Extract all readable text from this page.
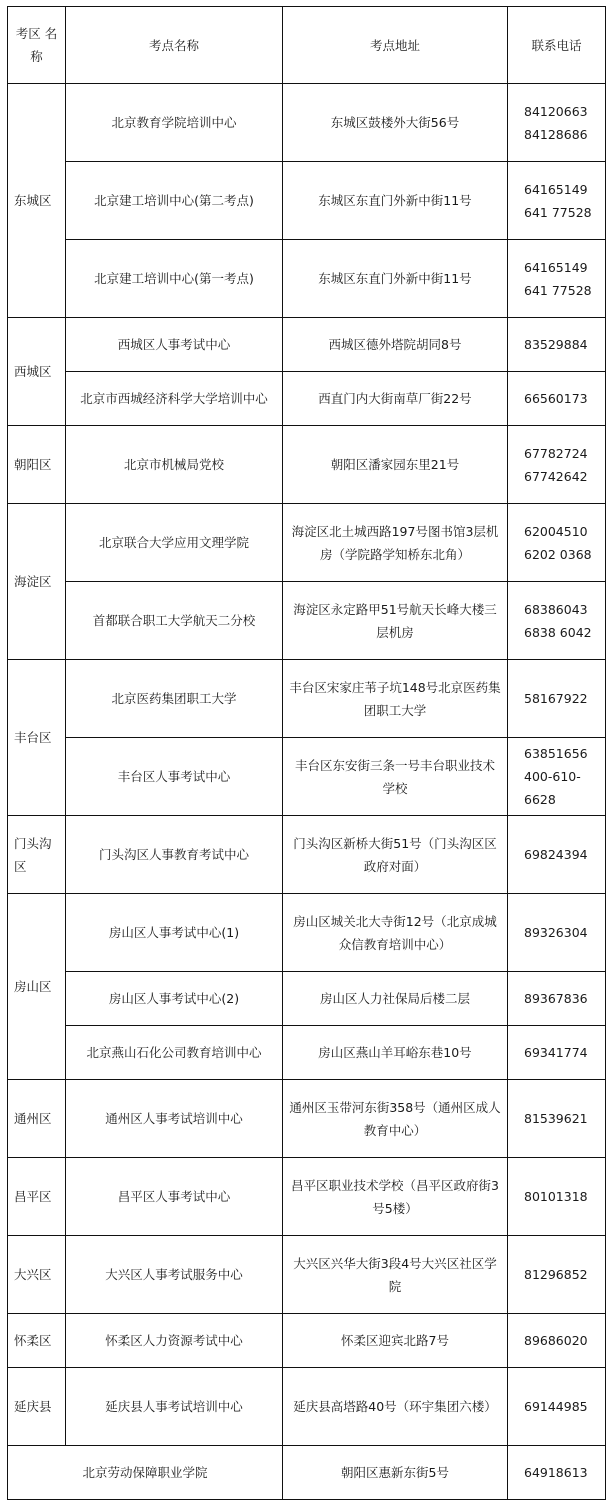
考区 名称	考点名称	考点地址	联系电话
东城区	北京教育学院培训中心	东城区鼓楼外大街56号	84120663 84128686
	北京建工培训中心(第二考点)	东城区东直门外新中街11号	64165149　641 77528
	北京建工培训中心(第一考点)	东城区东直门外新中街11号	64165149　641 77528
西城区	西城区人事考试中心	西城区德外塔院胡同8号	83529884
	北京市西城经济科学大学培训中心	西直门内大街南草厂街22号	66560173
朝阳区	北京市机械局党校	朝阳区潘家园东里21号	67782724 67742642
海淀区	北京联合大学应用文理学院	海淀区北土城西路197号图书馆3层机房（学院路学知桥东北角）	62004510　6202 0368
	首都联合职工大学航天二分校	海淀区永定路甲51号航天长峰大楼三层机房	68386043　6838 6042
丰台区	北京医药集团职工大学	丰台区宋家庄苇子坑148号北京医药集团职工大学	58167922
	丰台区人事考试中心	丰台区东安街三条一号丰台职业技术学校	63851656 400-610-6628
门头沟区	门头沟区人事教育考试中心	门头沟区新桥大街51号（门头沟区区政府对面）	69824394
房山区	房山区人事考试中心(1)	房山区城关北大寺街12号（北京成城众信教育培训中心）	89326304
	房山区人事考试中心(2)	房山区人力社保局后楼二层	89367836
	北京燕山石化公司教育培训中心	房山区燕山羊耳峪东巷10号	69341774
通州区	通州区人事考试培训中心	通州区玉带河东街358号（通州区成人教育中心）	81539621
昌平区	昌平区人事考试中心	昌平区职业技术学校（昌平区政府街3号5楼）	80101318
大兴区	大兴区人事考试服务中心	大兴区兴华大街3段4号大兴区社区学院	81296852
怀柔区	怀柔区人力资源考试中心	怀柔区迎宾北路7号	89686020
延庆县	延庆县人事考试培训中心	延庆县高塔路40号（环宇集团六楼）	69144985
北京劳动保障职业学院		朝阳区惠新东街5号	64918613
